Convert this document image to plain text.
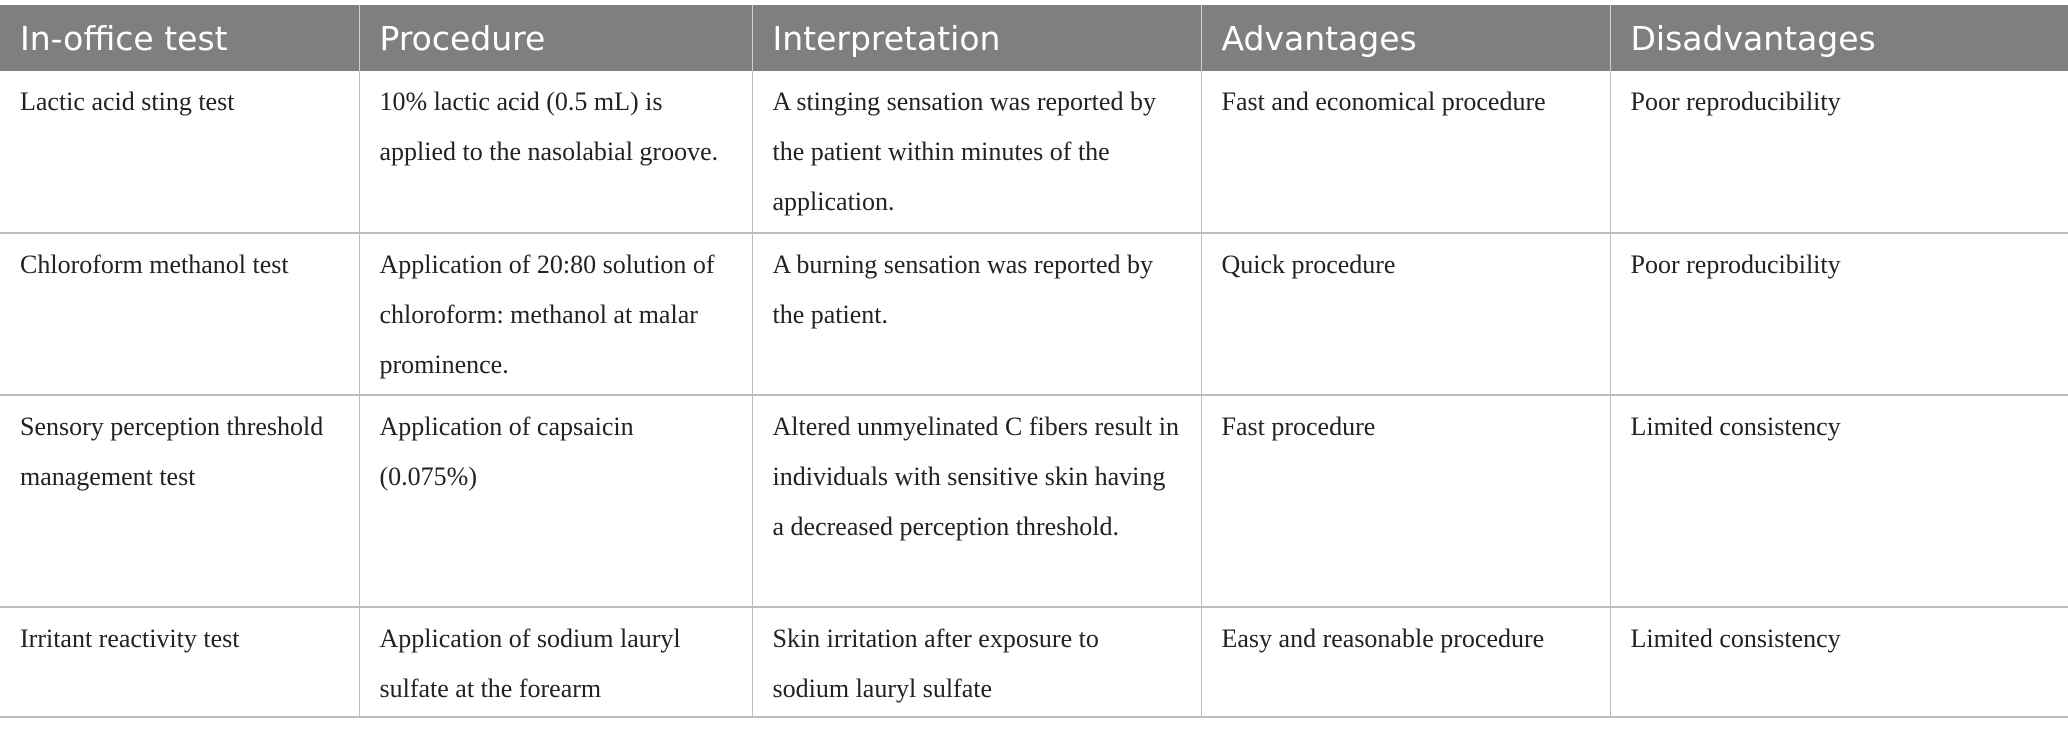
In-office test	Procedure	Interpretation	Advantages	Disadvantages
Lactic acid sting test	10% lactic acid (0.5 mL) is applied to the nasolabial groove.	A stinging sensation was reported by the patient within minutes of the application.	Fast and economical procedure	Poor reproducibility
Chloroform methanol test	Application of 20:80 solution of chloroform: methanol at malar prominence.	A burning sensation was reported by the patient.	Quick procedure	Poor reproducibility
Sensory perception threshold management test	Application of capsaicin (0.075%)	Altered unmyelinated C fibers result in individuals with sensitive skin having a decreased perception threshold.	Fast procedure	Limited consistency
Irritant reactivity test	Application of sodium lauryl sulfate at the forearm	Skin irritation after exposure to sodium lauryl sulfate	Easy and reasonable procedure	Limited consistency
